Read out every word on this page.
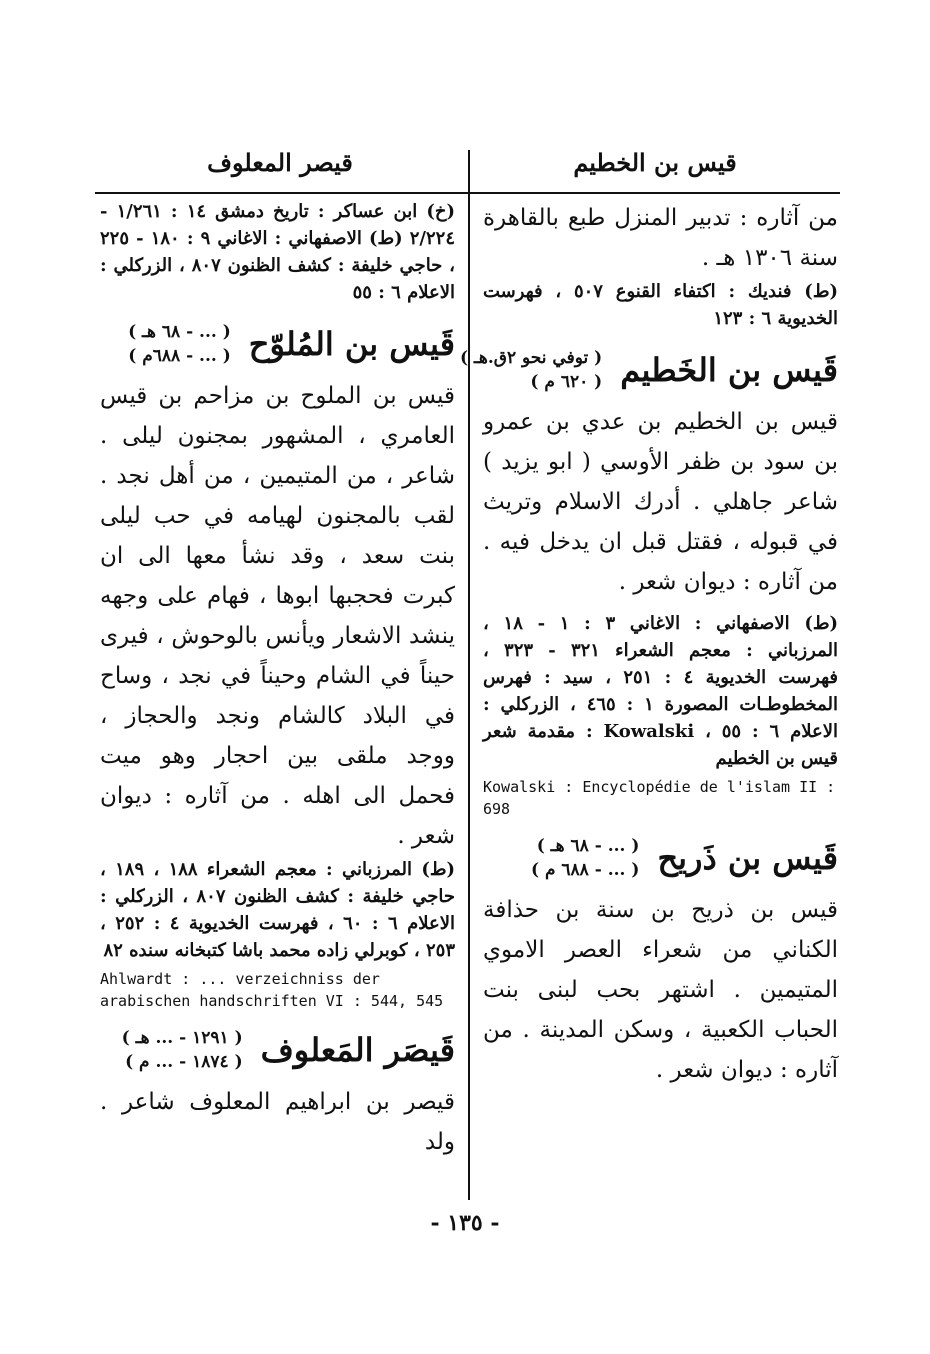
قيصر المعلوف	قيس بن الخطيم

من آثاره : تدبير المنزل طبع بالقاهرة سنة ١٣٠٦ هـ .

(ط) فنديك : اكتفاء القنوع ٥٠٧ ، فهرست الخديوية ٦ : ١٢٣

قَيس بن الخَطيم
( توفي نحو ٢ق.هـ )
( ٦٢٠ م )

قيس بن الخطيم بن عدي بن عمرو بن سود بن ظفر الأوسي ( ابو يزيد ) شاعر جاهلي . أدرك الاسلام وتريث في قبوله ، فقتل قبل ان يدخل فيه . من آثاره : ديوان شعر .

(ط) الاصفهاني : الاغاني ٣ : ١ - ١٨ ، المرزباني : معجم الشعراء ٣٢١ - ٣٢٣ ، فهرست الخديوية ٤ : ٢٥١ ، سيد : فهرس المخطوطـات المصورة ١ : ٤٦٥ ، الزركلي : الاعلام ٦ : ٥٥ ، Kowalski : مقدمة شعر قيس بن الخطيم

Kowalski : Encyclopédie de l'islam II : 698

قَيس بن ذَريح
( ... - ٦٨ هـ )
( ... - ٦٨٨ م )

قيس بن ذريح بن سنة بن حذافة الكناني من شعراء العصر الاموي المتيمين . اشتهر بحب لبنى بنت الحباب الكعبية ، وسكن المدينة . من آثاره : ديوان شعر .

(خ) ابن عساكر : تاريخ دمشق ١٤ : ١/٢٦١ - ٢/٢٢٤ (ط) الاصفهاني : الاغاني ٩ : ١٨٠ - ٢٢٥ ، حاجي خليفة : كشف الظنون ٨٠٧ ، الزركلي : الاعلام ٦ : ٥٥

قَيس بن المُلوّح
( ... - ٦٨ هـ )
( ... - ٦٨٨م )

قيس بن الملوح بن مزاحم بن قيس العامري ، المشهور بمجنون ليلى . شاعر ، من المتيمين ، من أهل نجد . لقب بالمجنون لهيامه في حب ليلى بنت سعد ، وقد نشأ معها الى ان كبرت فحجبها ابوها ، فهام على وجهه ينشد الاشعار ويأنس بالوحوش ، فيرى حيناً في الشام وحيناً في نجد ، وساح في البلاد كالشام ونجد والحجاز ، ووجد ملقى بين احجار وهو ميت فحمل الى اهله . من آثاره : ديوان شعر .

(ط) المرزباني : معجم الشعراء ١٨٨ ، ١٨٩ ، حاجي خليفة : كشف الظنون ٨٠٧ ، الزركلي : الاعلام ٦ : ٦٠ ، فهرست الخديوية ٤ : ٢٥٢ ، ٢٥٣ ، كوبرلي زاده محمد باشا كتبخانه سنده ٨٢

Ahlwardt : ... verzeichniss der arabischen handschriften VI : 544, 545

قَيصَر المَعلوف
( ١٢٩١ - ... هـ )
( ١٨٧٤ - ... م )

قيصر بن ابراهيم المعلوف شاعر . ولد

- ١٣٥ -
